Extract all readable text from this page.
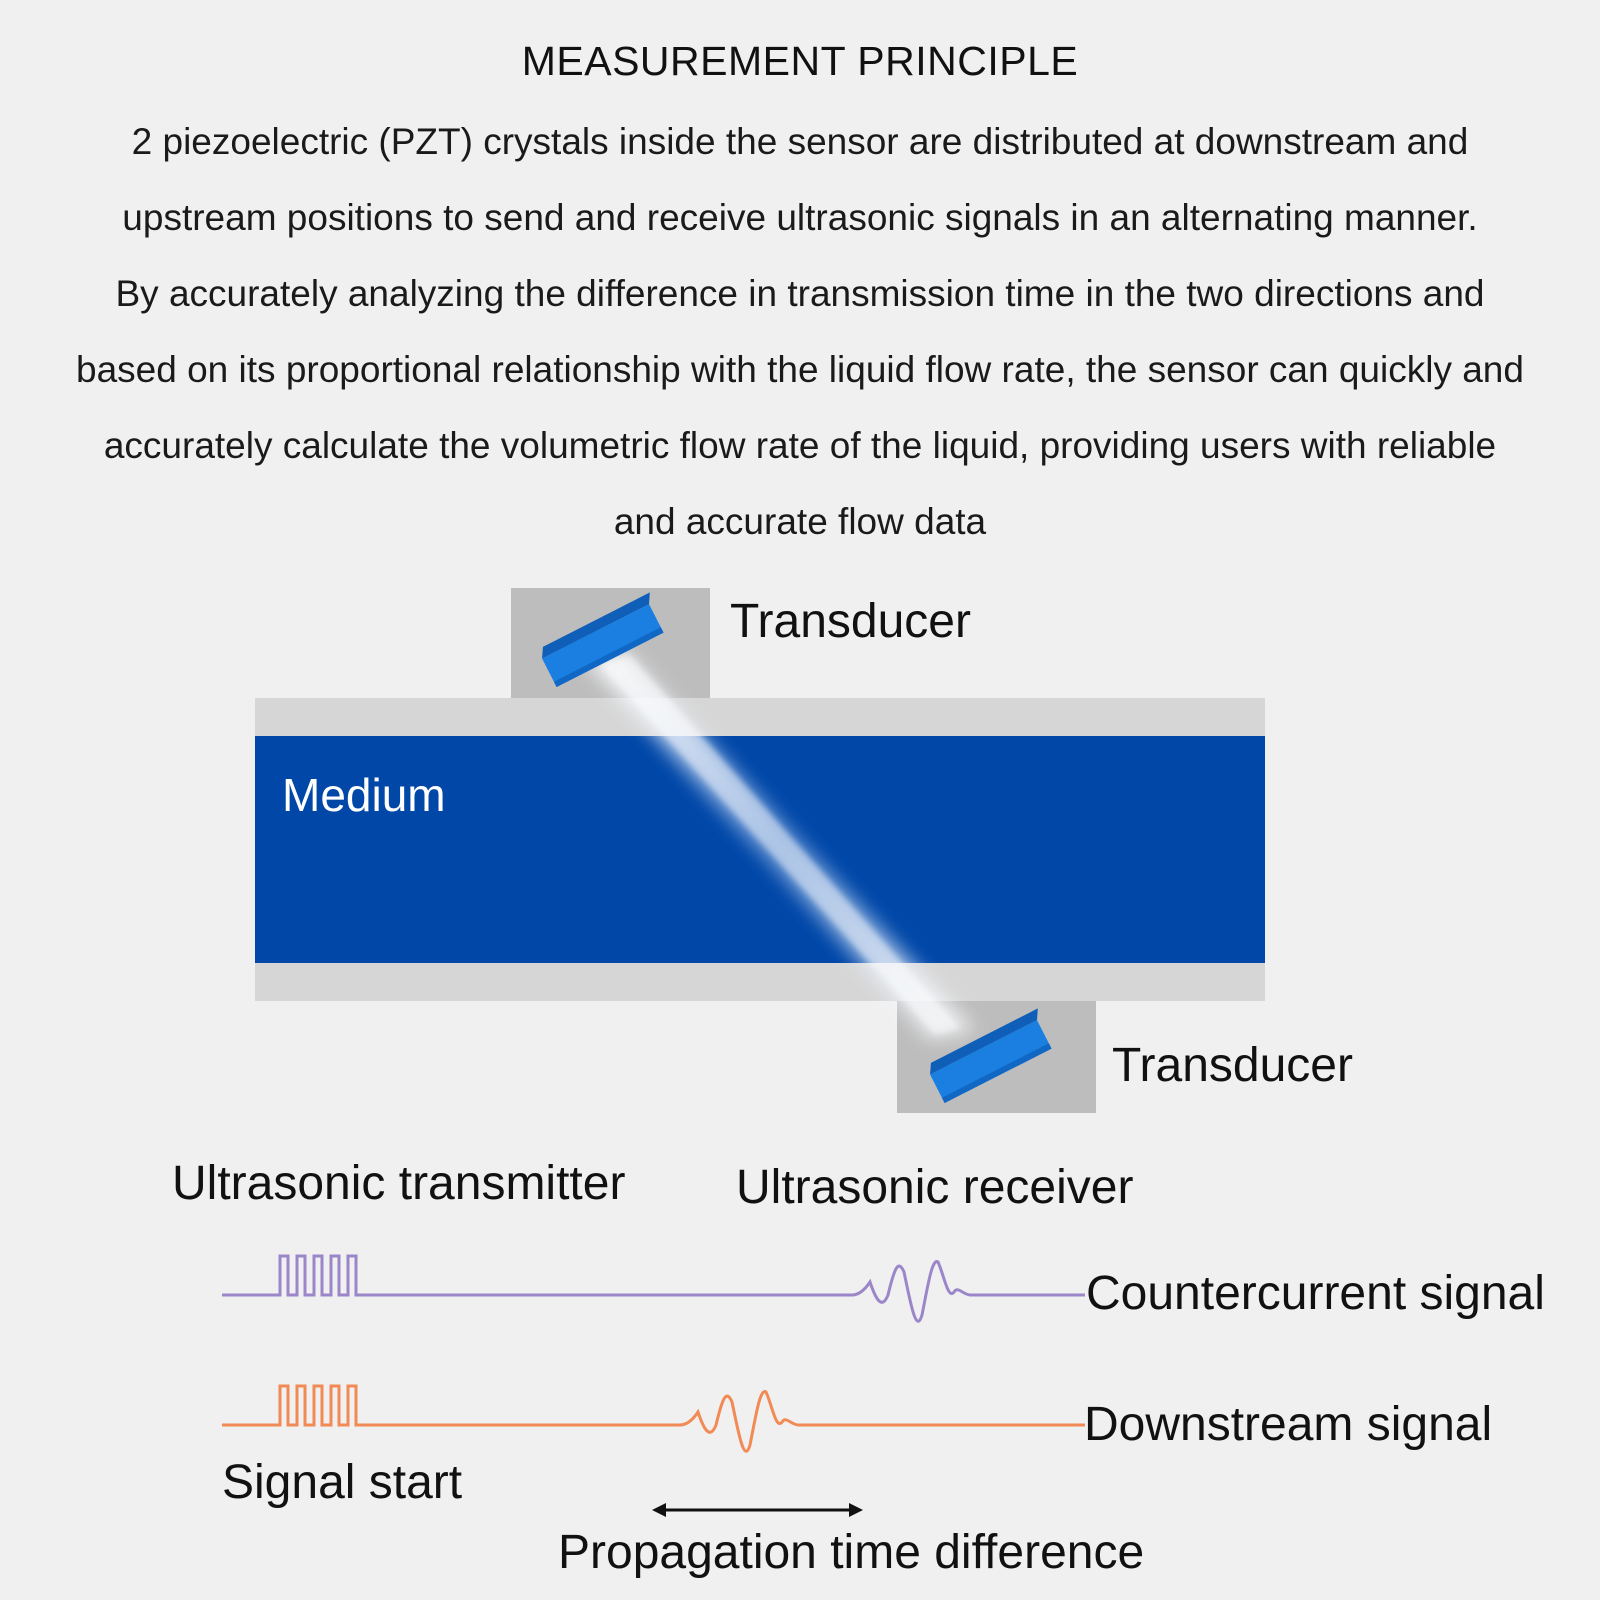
MEASUREMENT PRINCIPLE
2 piezoelectric (PZT) crystals inside the sensor are distributed at downstream and
upstream positions to send and receive ultrasonic signals in an alternating manner.
By accurately analyzing the difference in transmission time in the two directions and
based on its proportional relationship with the liquid flow rate, the sensor can quickly and
accurately calculate the volumetric flow rate of the liquid, providing users with reliable
and accurate flow data
Transducer
Medium
Transducer
Ultrasonic transmitter Ultrasonic receiver
Countercurrent signal
Downstream signal
Signal start
Propagation time difference
